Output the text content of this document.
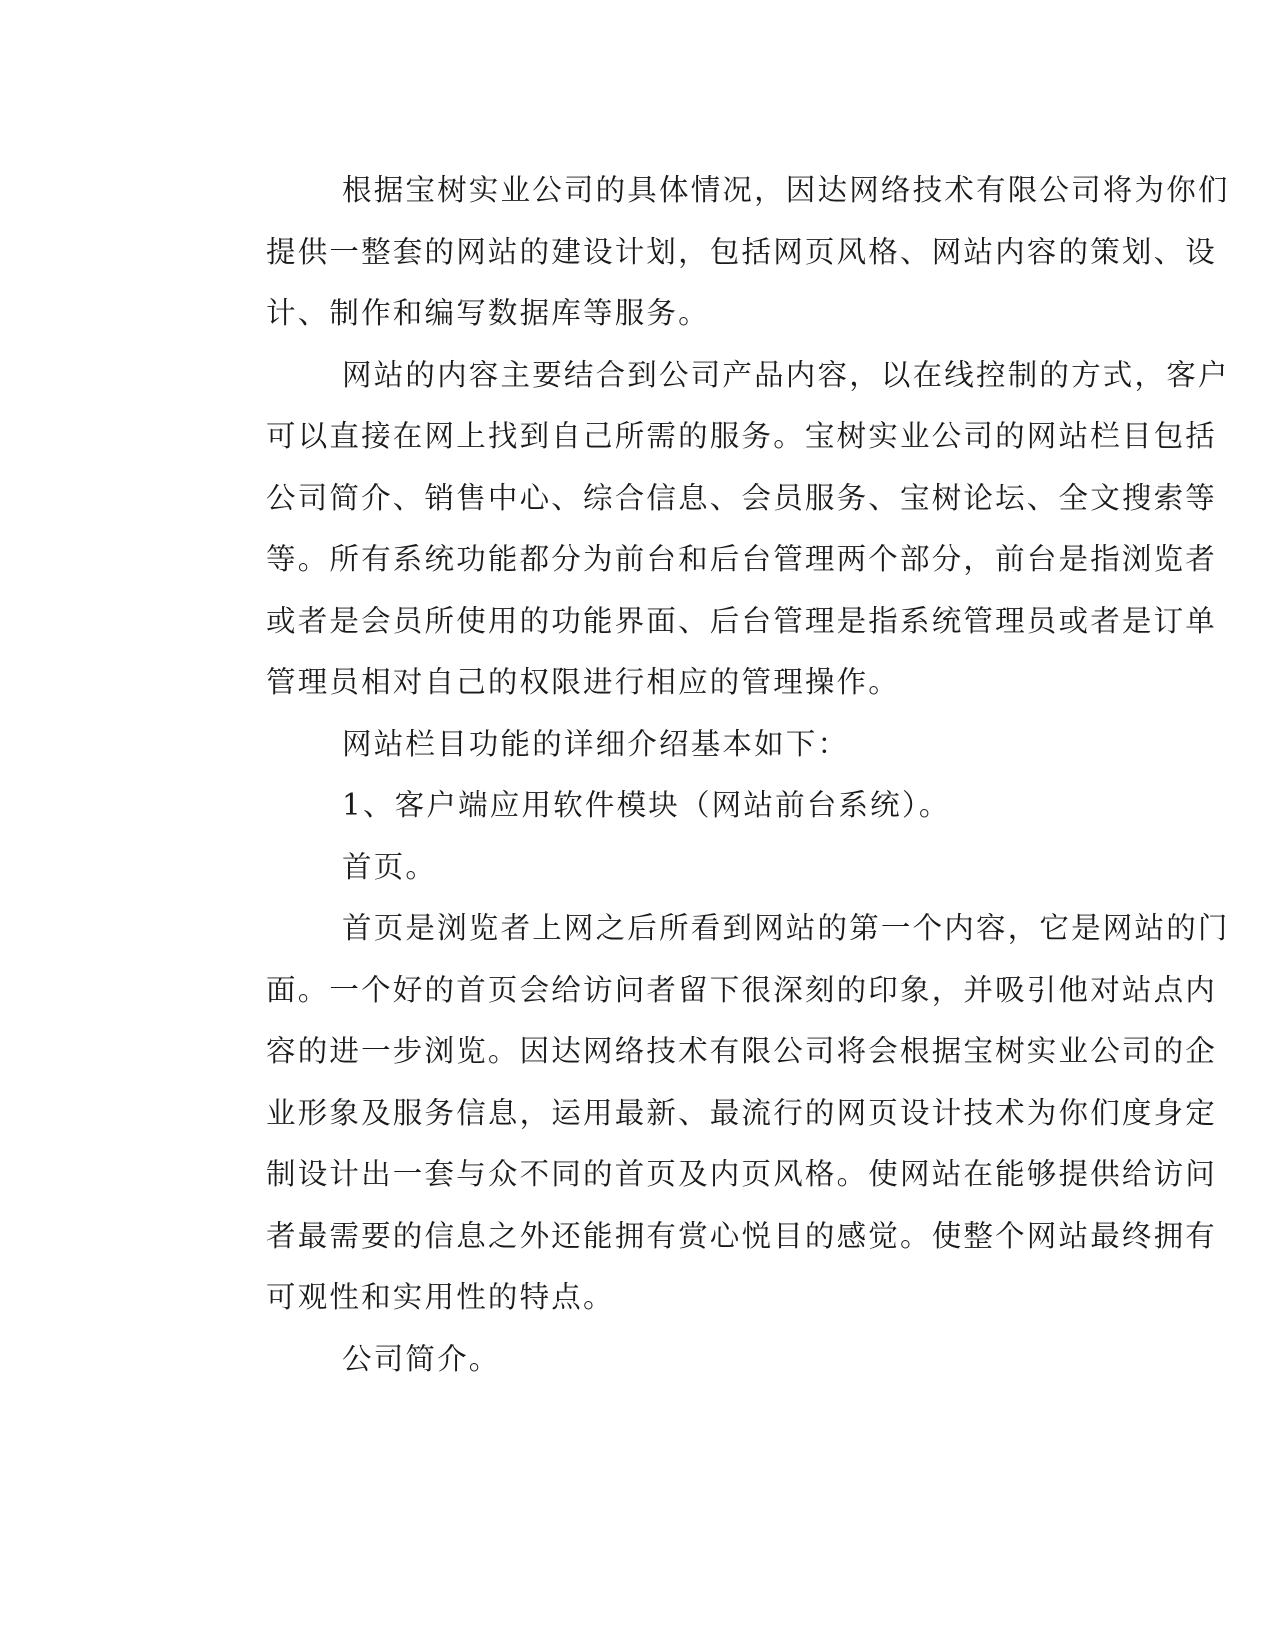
根据宝树实业公司的具体情况，因达网络技术有限公司将为你们
提供一整套的网站的建设计划，包括网页风格、网站内容的策划、设
计、制作和编写数据库等服务。
网站的内容主要结合到公司产品内容，以在线控制的方式，客户
可以直接在网上找到自己所需的服务。宝树实业公司的网站栏目包括
公司简介、销售中心、综合信息、会员服务、宝树论坛、全文搜索等
等。所有系统功能都分为前台和后台管理两个部分，前台是指浏览者
或者是会员所使用的功能界面、后台管理是指系统管理员或者是订单
管理员相对自己的权限进行相应的管理操作。
网站栏目功能的详细介绍基本如下：
1、客户端应用软件模块（网站前台系统）。
首页。
首页是浏览者上网之后所看到网站的第一个内容，它是网站的门
面。一个好的首页会给访问者留下很深刻的印象，并吸引他对站点内
容的进一步浏览。因达网络技术有限公司将会根据宝树实业公司的企
业形象及服务信息，运用最新、最流行的网页设计技术为你们度身定
制设计出一套与众不同的首页及内页风格。使网站在能够提供给访问
者最需要的信息之外还能拥有赏心悦目的感觉。使整个网站最终拥有
可观性和实用性的特点。
公司简介。
